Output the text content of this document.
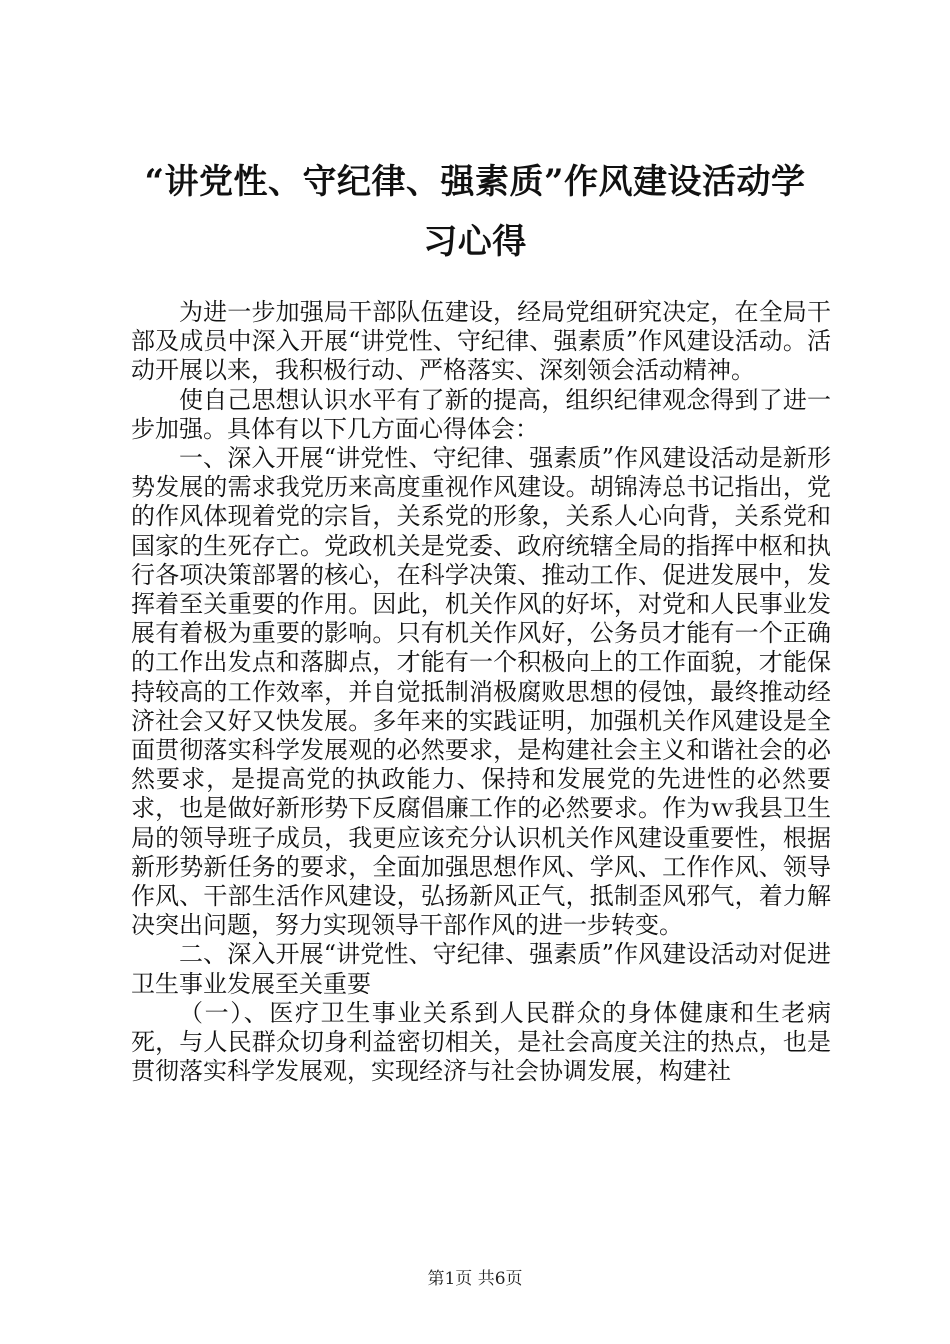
“讲党性、守纪律、强素质”作风建设活动学
习心得

为进一步加强局干部队伍建设，经局党组研究决定，在全局干部及成员中深入开展“讲党性、守纪律、强素质”作风建设活动。活动开展以来，我积极行动、严格落实、深刻领会活动精神。

使自己思想认识水平有了新的提高，组织纪律观念得到了进一步加强。具体有以下几方面心得体会：

一、深入开展“讲党性、守纪律、强素质”作风建设活动是新形势发展的需求我党历来高度重视作风建设。胡锦涛总书记指出，党的作风体现着党的宗旨，关系党的形象，关系人心向背，关系党和国家的生死存亡。党政机关是党委、政府统辖全局的指挥中枢和执行各项决策部署的核心，在科学决策、推动工作、促进发展中，发挥着至关重要的作用。因此，机关作风的好坏，对党和人民事业发展有着极为重要的影响。只有机关作风好，公务员才能有一个正确的工作出发点和落脚点，才能有一个积极向上的工作面貌，才能保持较高的工作效率，并自觉抵制消极腐败思想的侵蚀，最终推动经济社会又好又快发展。多年来的实践证明，加强机关作风建设是全面贯彻落实科学发展观的必然要求，是构建社会主义和谐社会的必然要求，是提高党的执政能力、保持和发展党的先进性的必然要求，也是做好新形势下反腐倡廉工作的必然要求。作为ｗ我县卫生局的领导班子成员，我更应该充分认识机关作风建设重要性，根据新形势新任务的要求，全面加强思想作风、学风、工作作风、领导作风、干部生活作风建设，弘扬新风正气，抵制歪风邪气，着力解决突出问题，努力实现领导干部作风的进一步转变。

二、深入开展“讲党性、守纪律、强素质”作风建设活动对促进卫生事业发展至关重要

（一）、医疗卫生事业关系到人民群众的身体健康和生老病死，与人民群众切身利益密切相关，是社会高度关注的热点，也是贯彻落实科学发展观，实现经济与社会协调发展，构建社

第1页 共6页
